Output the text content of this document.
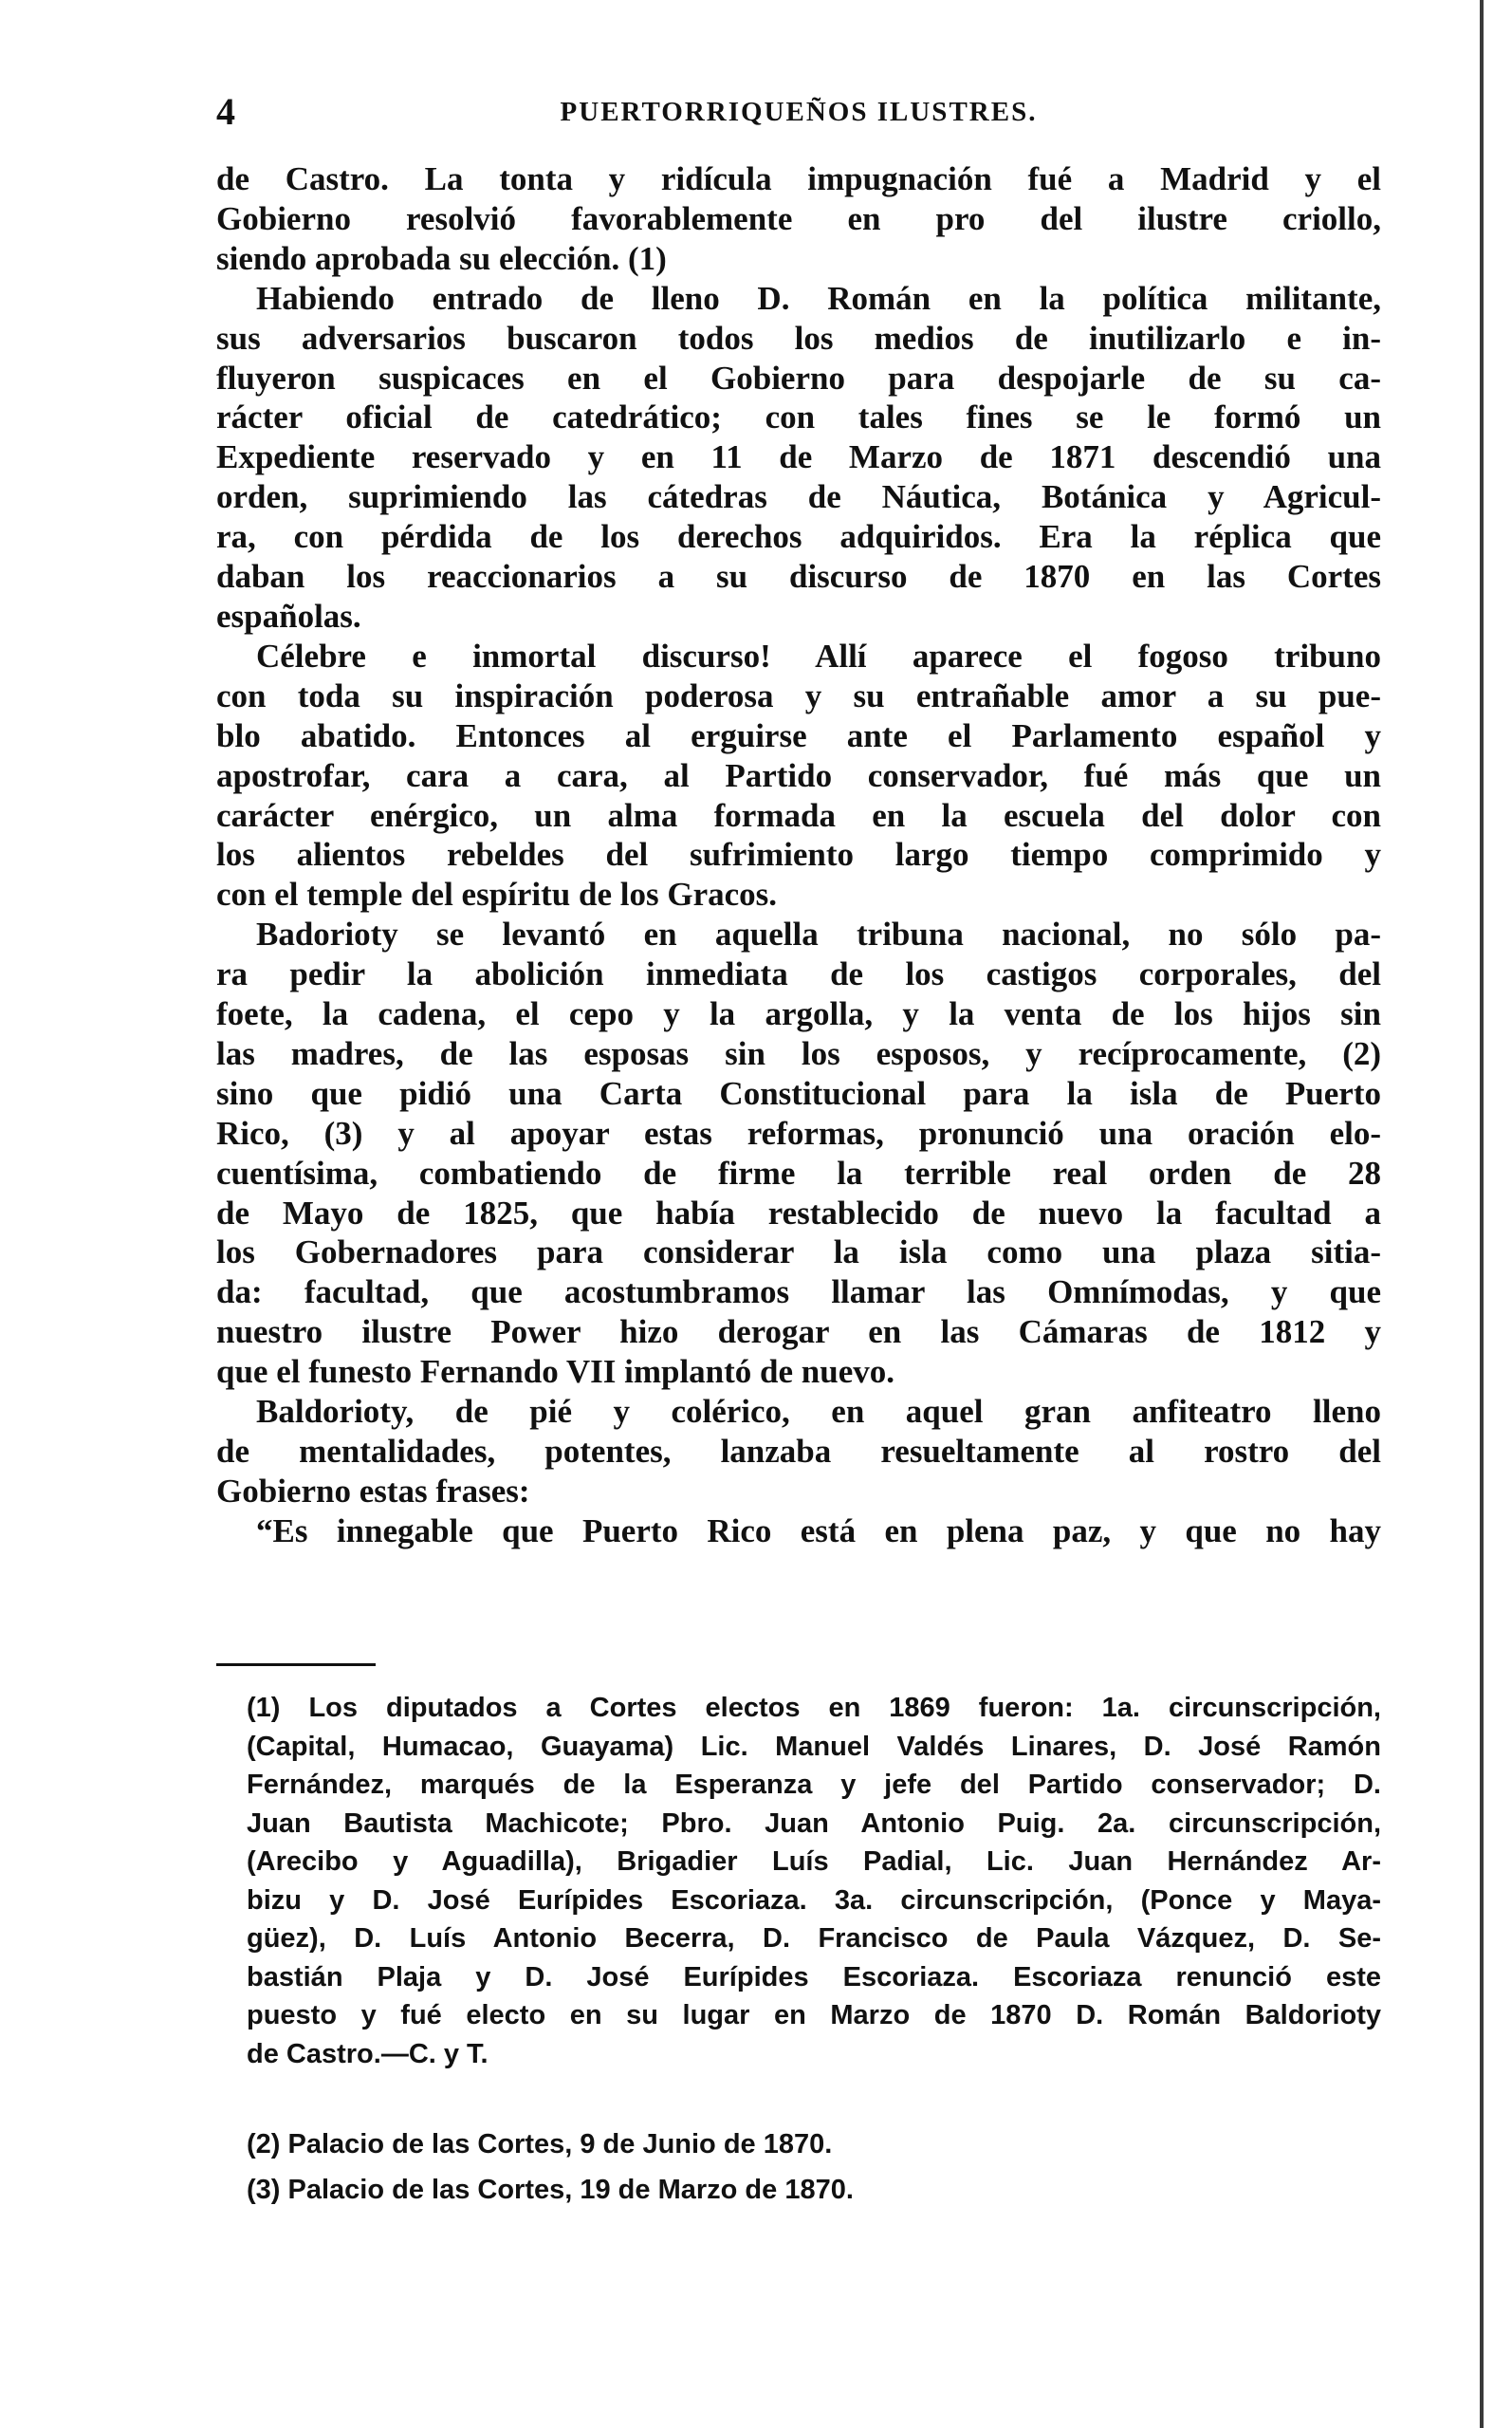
4	PUERTORRIQUEÑOS ILUSTRES.
de Castro. La tonta y ridícula impugnación fué a Madrid y el
Gobierno resolvió favorablemente en pro del ilustre criollo,
siendo aprobada su elección. (1)
Habiendo entrado de lleno D. Román en la política militante,
sus adversarios buscaron todos los medios de inutilizarlo e in-
fluyeron suspicaces en el Gobierno para despojarle de su ca-
rácter oficial de catedrático; con tales fines se le formó un
Expediente reservado y en 11 de Marzo de 1871 descendió una
orden, suprimiendo las cátedras de Náutica, Botánica y Agricul-
ra, con pérdida de los derechos adquiridos. Era la réplica que
daban los reaccionarios a su discurso de 1870 en las Cortes
españolas.
Célebre e inmortal discurso! Allí aparece el fogoso tribuno
con toda su inspiración poderosa y su entrañable amor a su pue-
blo abatido. Entonces al erguirse ante el Parlamento español y
apostrofar, cara a cara, al Partido conservador, fué más que un
carácter enérgico, un alma formada en la escuela del dolor con
los alientos rebeldes del sufrimiento largo tiempo comprimido y
con el temple del espíritu de los Gracos.
Badorioty se levantó en aquella tribuna nacional, no sólo pa-
ra pedir la abolición inmediata de los castigos corporales, del
foete, la cadena, el cepo y la argolla, y la venta de los hijos sin
las madres, de las esposas sin los esposos, y recíprocamente, (2)
sino que pidió una Carta Constitucional para la isla de Puerto
Rico, (3) y al apoyar estas reformas, pronunció una oración elo-
cuentísima, combatiendo de firme la terrible real orden de 28
de Mayo de 1825, que había restablecido de nuevo la facultad a
los Gobernadores para considerar la isla como una plaza sitia-
da: facultad, que acostumbramos llamar las Omnímodas, y que
nuestro ilustre Power hizo derogar en las Cámaras de 1812 y
que el funesto Fernando VII implantó de nuevo.
Baldorioty, de pié y colérico, en aquel gran anfiteatro lleno
de mentalidades, potentes, lanzaba resueltamente al rostro del
Gobierno estas frases:
“Es innegable que Puerto Rico está en plena paz, y que no hay
(1) Los diputados a Cortes electos en 1869 fueron: 1a. circunscripción,
(Capital, Humacao, Guayama) Lic. Manuel Valdés Linares, D. José Ramón
Fernández, marqués de la Esperanza y jefe del Partido conservador; D.
Juan Bautista Machicote; Pbro. Juan Antonio Puig. 2a. circunscripción,
(Arecibo y Aguadilla), Brigadier Luís Padial, Lic. Juan Hernández Ar-
bizu y D. José Eurípides Escoriaza. 3a. circunscripción, (Ponce y Maya-
güez), D. Luís Antonio Becerra, D. Francisco de Paula Vázquez, D. Se-
bastián Plaja y D. José Eurípides Escoriaza. Escoriaza renunció este
puesto y fué electo en su lugar en Marzo de 1870 D. Román Baldorioty
de Castro.—C. y T.
(2) Palacio de las Cortes, 9 de Junio de 1870.
(3) Palacio de las Cortes, 19 de Marzo de 1870.
